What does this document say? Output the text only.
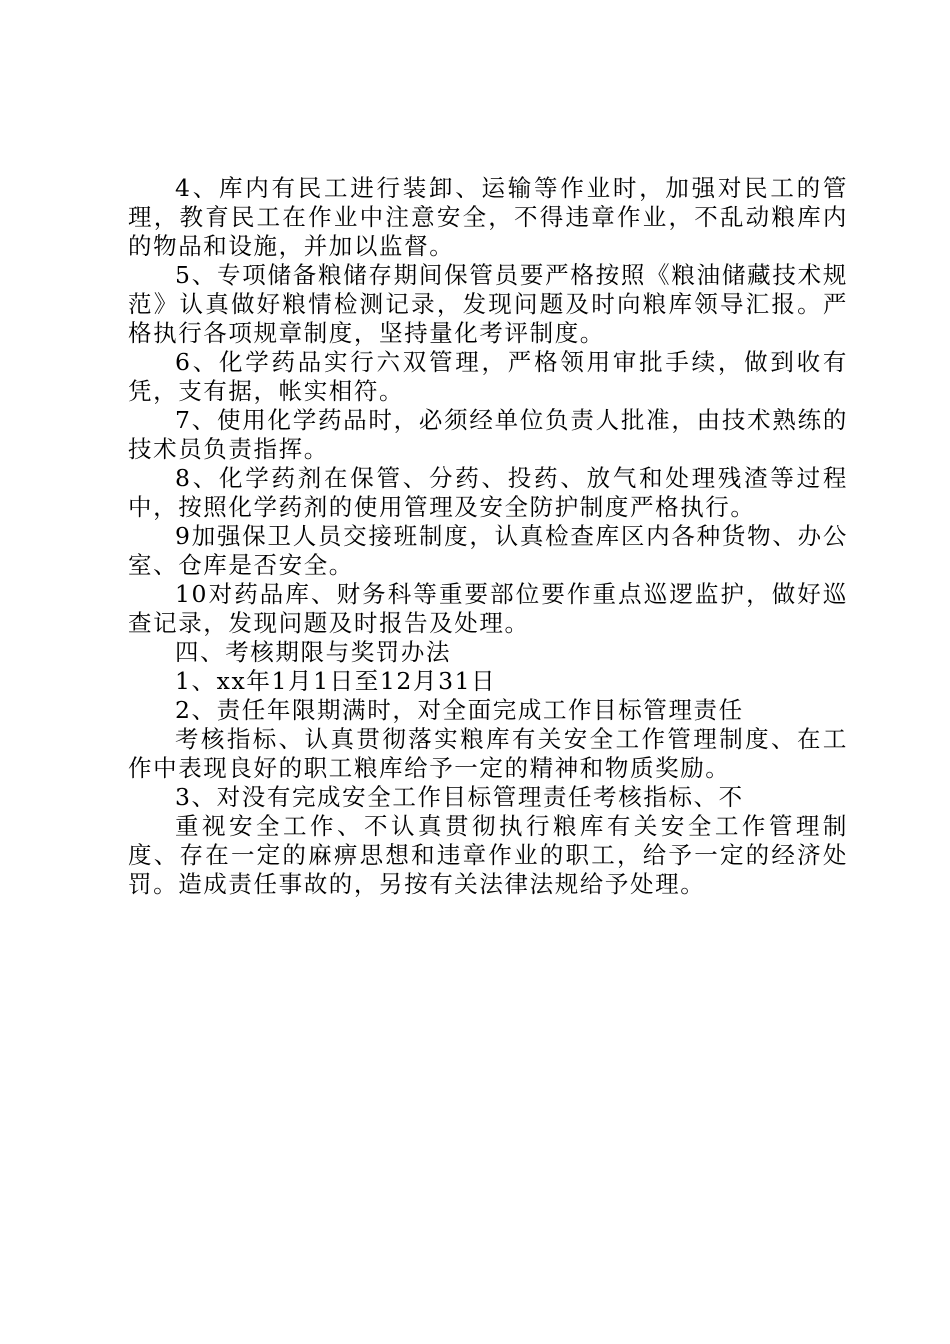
4、库内有民工进行装卸、运输等作业时，加强对民工的管理，教育民工在作业中注意安全，不得违章作业，不乱动粮库内的物品和设施，并加以监督。

5、专项储备粮储存期间保管员要严格按照《粮油储藏技术规范》认真做好粮情检测记录，发现问题及时向粮库领导汇报。严格执行各项规章制度，坚持量化考评制度。

6、化学药品实行六双管理，严格领用审批手续，做到收有凭，支有据，帐实相符。

7、使用化学药品时，必须经单位负责人批准，由技术熟练的技术员负责指挥。

8、化学药剂在保管、分药、投药、放气和处理残渣等过程中，按照化学药剂的使用管理及安全防护制度严格执行。

9加强保卫人员交接班制度，认真检查库区内各种货物、办公室、仓库是否安全。

10对药品库、财务科等重要部位要作重点巡逻监护，做好巡查记录，发现问题及时报告及处理。

四、考核期限与奖罚办法

1、xx年1月1日至12月31日

2、责任年限期满时，对全面完成工作目标管理责任

考核指标、认真贯彻落实粮库有关安全工作管理制度、在工作中表现良好的职工粮库给予一定的精神和物质奖励。

3、对没有完成安全工作目标管理责任考核指标、不

重视安全工作、不认真贯彻执行粮库有关安全工作管理制度、存在一定的麻痹思想和违章作业的职工，给予一定的经济处罚。造成责任事故的，另按有关法律法规给予处理。
